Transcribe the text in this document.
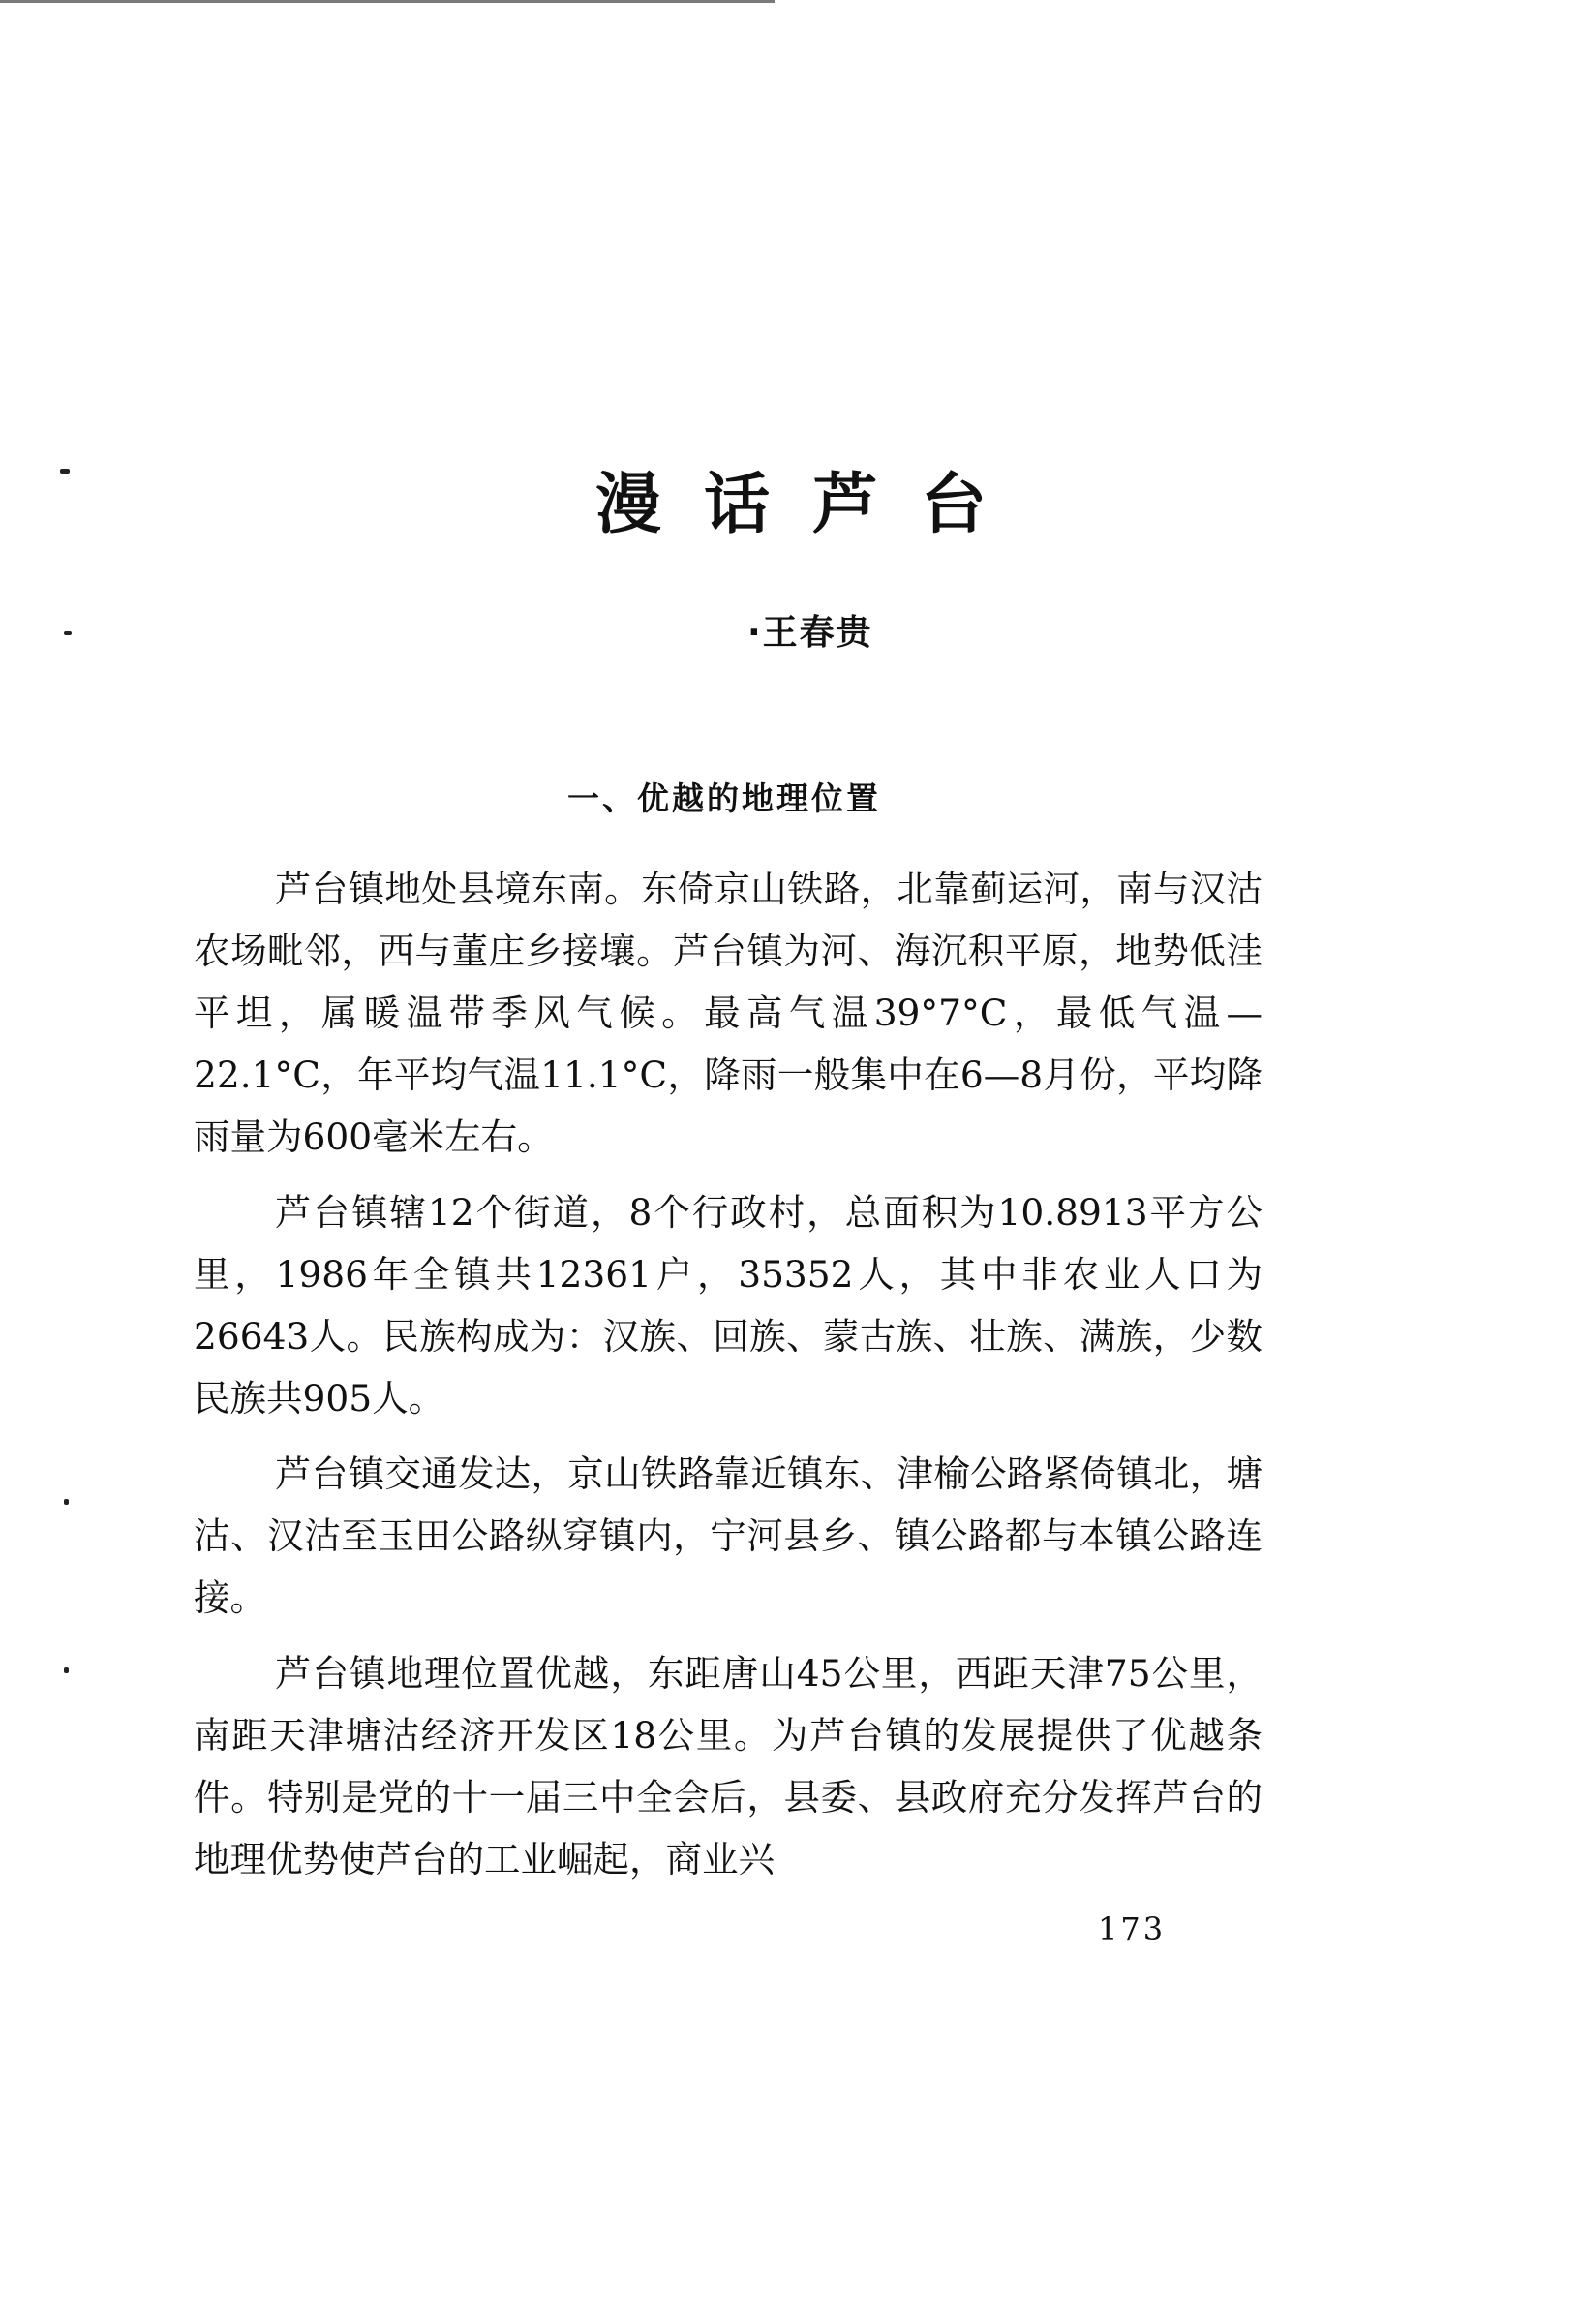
漫话芦台
·王春贵
一、优越的地理位置

芦台镇地处县境东南。东倚京山铁路，北靠蓟运河，南与汉沽农场毗邻，西与董庄乡接壤。芦台镇为河、海沉积平原，地势低洼平坦，属暖温带季风气候。最高气温39°7°C，最低气温—22.1°C，年平均气温11.1°C，降雨一般集中在6—8月份，平均降雨量为600毫米左右。

芦台镇辖12个街道，8个行政村，总面积为10.8913平方公里，1986年全镇共12361户，35352人，其中非农业人口为26643人。民族构成为：汉族、回族、蒙古族、壮族、满族，少数民族共905人。

芦台镇交通发达，京山铁路靠近镇东、津榆公路紧倚镇北，塘沽、汉沽至玉田公路纵穿镇内，宁河县乡、镇公路都与本镇公路连接。

芦台镇地理位置优越，东距唐山45公里，西距天津75公里，南距天津塘沽经济开发区18公里。为芦台镇的发展提供了优越条件。特别是党的十一届三中全会后，县委、县政府充分发挥芦台的地理优势使芦台的工业崛起，商业兴

173
